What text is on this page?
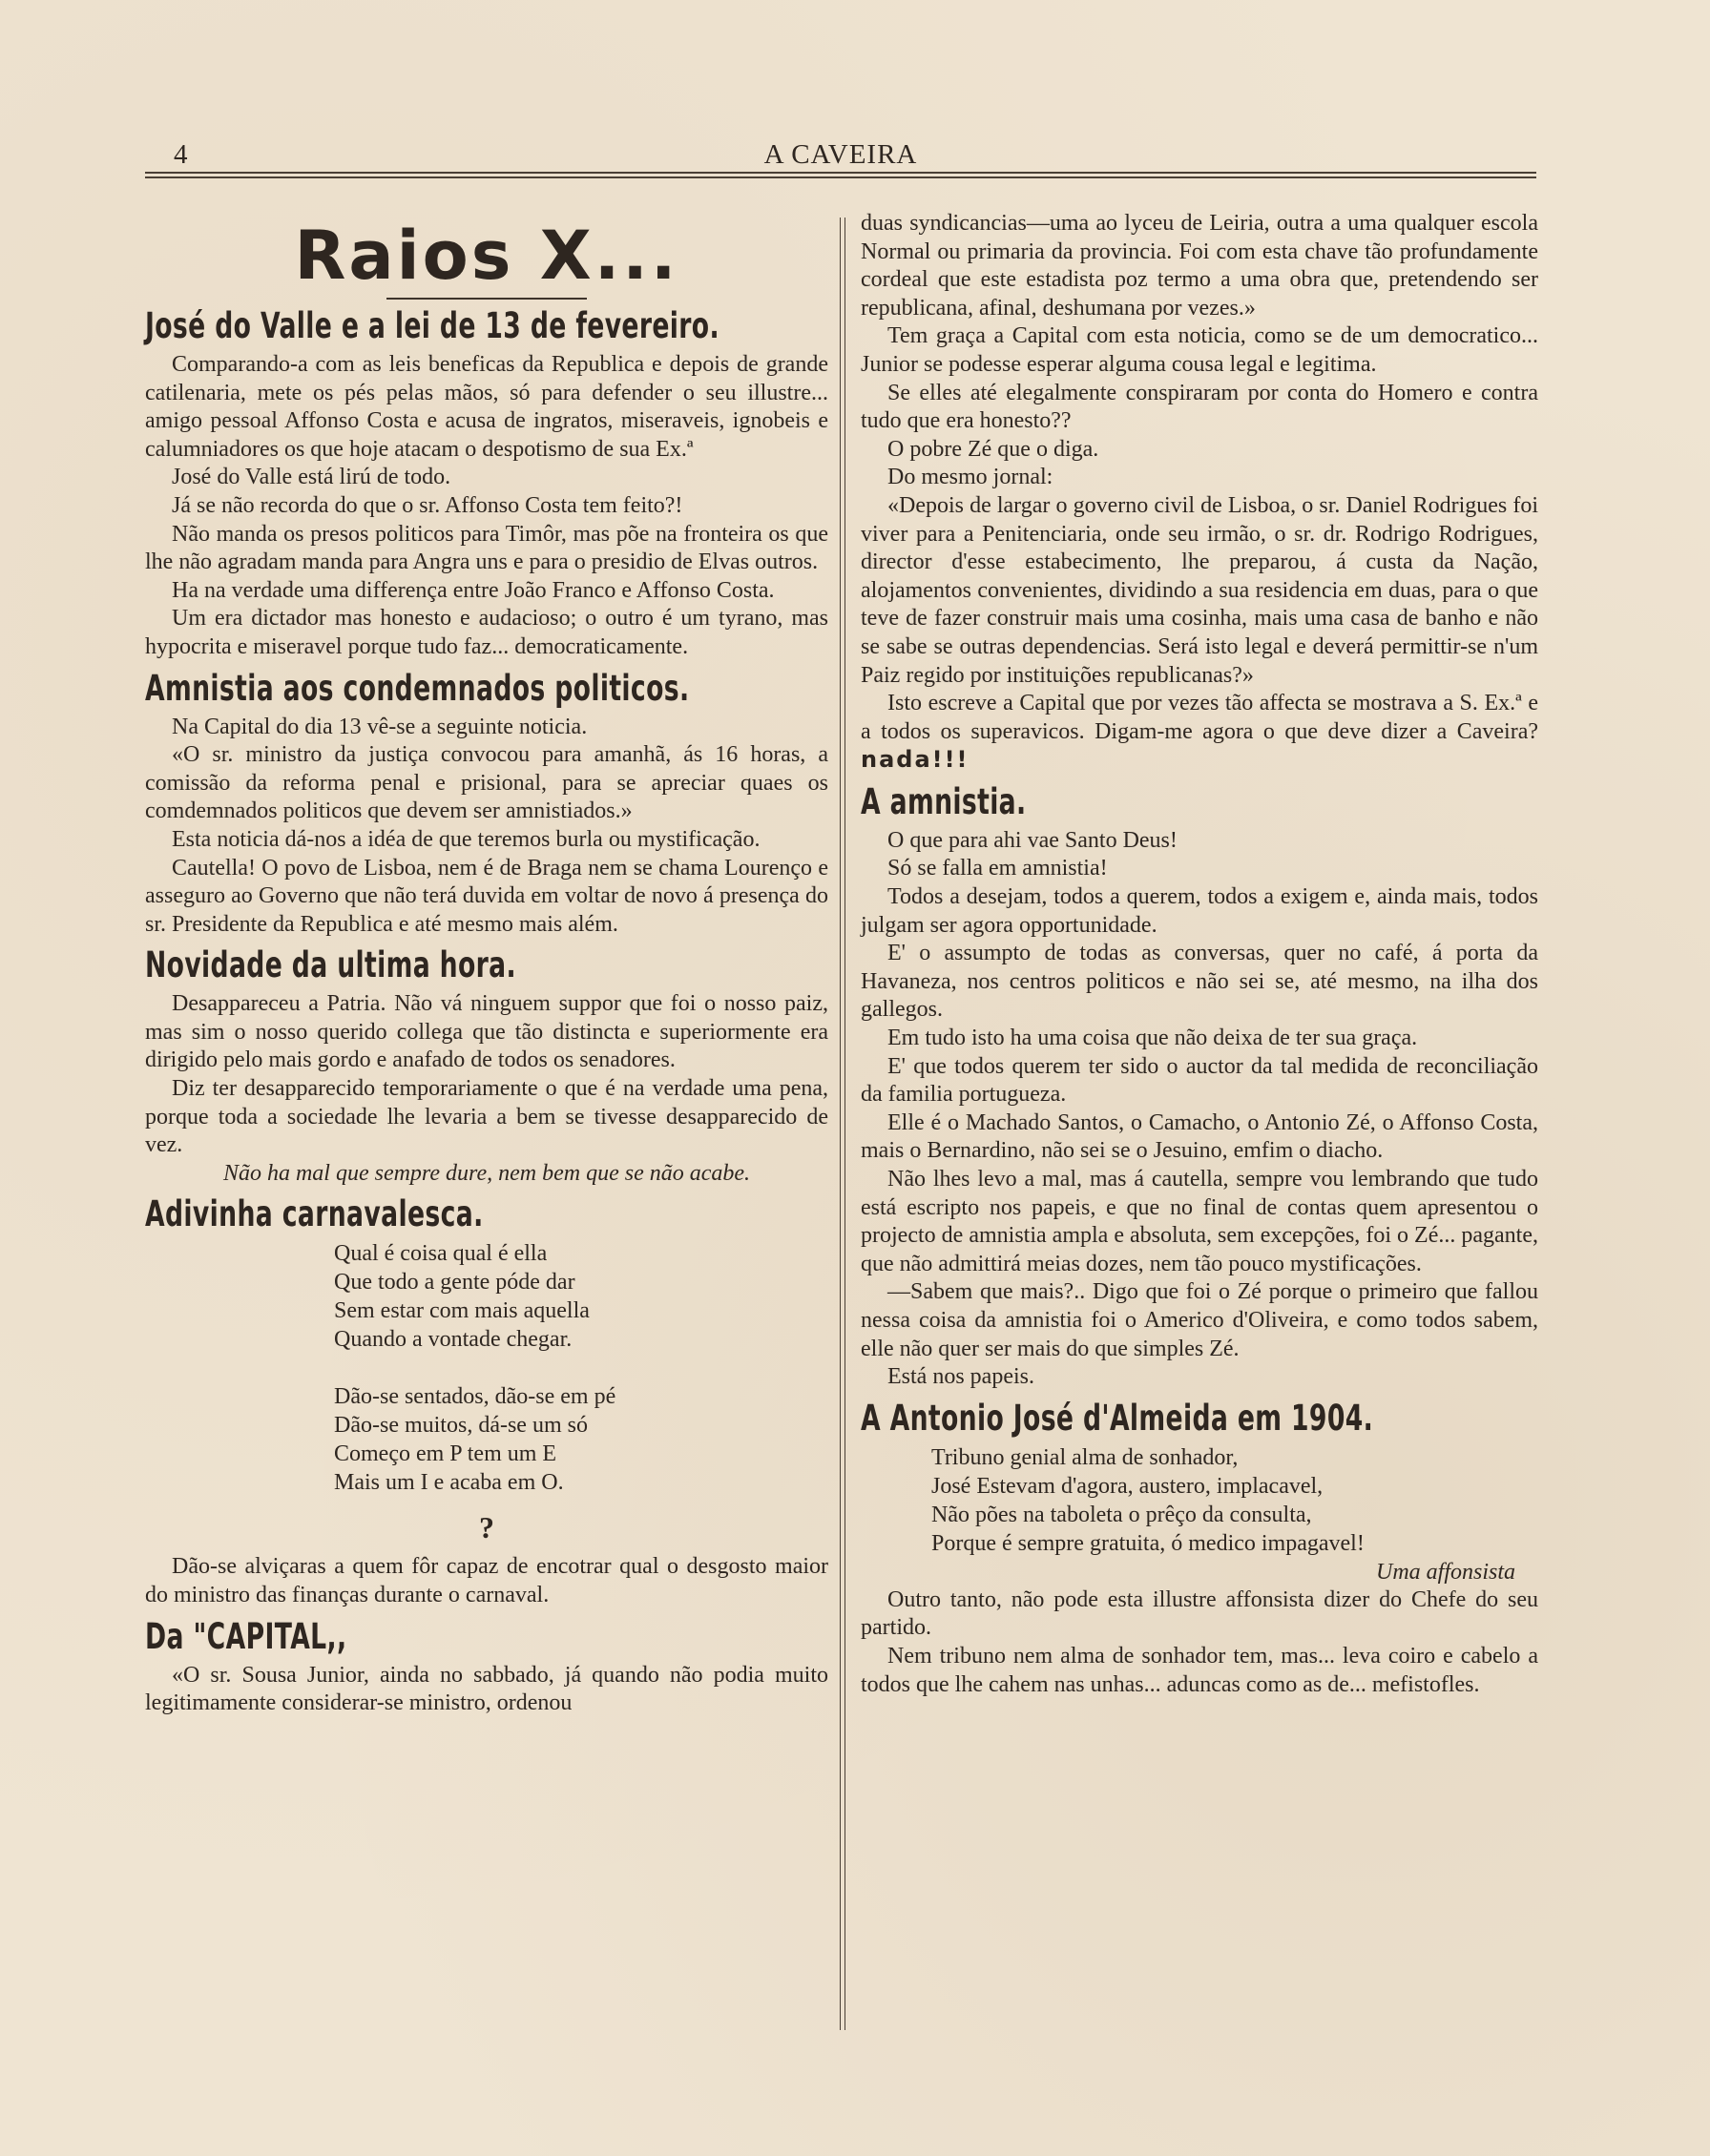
4	A CAVEIRA
Raios X...
José do Valle e a lei de 13 de fevereiro.

Comparando-a com as leis beneficas da Republica e depois de grande catilenaria, mete os pés pelas mãos, só para defender o seu illustre... amigo pessoal Affonso Costa e acusa de ingratos, miseraveis, ignobeis e calumniadores os que hoje atacam o despotismo de sua Ex.ª

José do Valle está lirú de todo.

Já se não recorda do que o sr. Affonso Costa tem feito?!

Não manda os presos politicos para Timôr, mas põe na fronteira os que lhe não agradam manda para Angra uns e para o presidio de Elvas outros.

Ha na verdade uma differença entre João Franco e Affonso Costa.

Um era dictador mas honesto e audacioso; o outro é um tyrano, mas hypocrita e miseravel porque tudo faz... democraticamente.

Amnistia aos condemnados politicos.

Na Capital do dia 13 vê-se a seguinte noticia.

«O sr. ministro da justiça convocou para amanhã, ás 16 horas, a comissão da reforma penal e prisional, para se apreciar quaes os comdemnados politicos que devem ser amnistiados.»

Esta noticia dá-nos a idéa de que teremos burla ou mystificação.

Cautella! O povo de Lisboa, nem é de Braga nem se chama Lourenço e asseguro ao Governo que não terá duvida em voltar de novo á presença do sr. Presidente da Republica e até mesmo mais além.

Novidade da ultima hora.

Desappareceu a Patria. Não vá ninguem suppor que foi o nosso paiz, mas sim o nosso querido collega que tão distincta e superiormente era dirigido pelo mais gordo e anafado de todos os senadores.

Diz ter desapparecido temporariamente o que é na verdade uma pena, porque toda a sociedade lhe levaria a bem se tivesse desapparecido de vez.

Não ha mal que sempre dure, nem bem que se não acabe.

Adivinha carnavalesca.
Qual é coisa qual é ella
Que todo a gente póde dar
Sem estar com mais aquella
Quando a vontade chegar.
Dão-se sentados, dão-se em pé
Dão-se muitos, dá-se um só
Começo em P tem um E
Mais um I e acaba em O.
?

Dão-se alviçaras a quem fôr capaz de encotrar qual o desgosto maior do ministro das finanças durante o carnaval.

Da "CAPITAL,,

«O sr. Sousa Junior, ainda no sabbado, já quando não podia muito legitimamente considerar-se ministro, ordenou

duas syndicancias—uma ao lyceu de Leiria, outra a uma qualquer escola Normal ou primaria da provincia. Foi com esta chave tão profundamente cordeal que este estadista poz termo a uma obra que, pretendendo ser republicana, afinal, deshumana por vezes.»

Tem graça a Capital com esta noticia, como se de um democratico... Junior se podesse esperar alguma cousa legal e legitima.

Se elles até elegalmente conspiraram por conta do Homero e contra tudo que era honesto??

O pobre Zé que o diga.

Do mesmo jornal:

«Depois de largar o governo civil de Lisboa, o sr. Daniel Rodrigues foi viver para a Penitenciaria, onde seu irmão, o sr. dr. Rodrigo Rodrigues, director d'esse estabecimento, lhe preparou, á custa da Nação, alojamentos convenientes, dividindo a sua residencia em duas, para o que teve de fazer construir mais uma cosinha, mais uma casa de banho e não se sabe se outras dependencias. Será isto legal e deverá permittir-se n'um Paiz regido por instituições republicanas?»

Isto escreve a Capital que por vezes tão affecta se mostrava a S. Ex.ª e a todos os superavicos. Digam-me agora o que deve dizer a Caveira? nada!!!

A amnistia.

O que para ahi vae Santo Deus!

Só se falla em amnistia!

Todos a desejam, todos a querem, todos a exigem e, ainda mais, todos julgam ser agora opportunidade.

E' o assumpto de todas as conversas, quer no café, á porta da Havaneza, nos centros politicos e não sei se, até mesmo, na ilha dos gallegos.

Em tudo isto ha uma coisa que não deixa de ter sua graça.

E' que todos querem ter sido o auctor da tal medida de reconciliação da familia portugueza.

Elle é o Machado Santos, o Camacho, o Antonio Zé, o Affonso Costa, mais o Bernardino, não sei se o Jesuino, emfim o diacho.

Não lhes levo a mal, mas á cautella, sempre vou lembrando que tudo está escripto nos papeis, e que no final de contas quem apresentou o projecto de amnistia ampla e absoluta, sem excepções, foi o Zé... pagante, que não admittirá meias dozes, nem tão pouco mystificações.

—Sabem que mais?.. Digo que foi o Zé porque o primeiro que fallou nessa coisa da amnistia foi o Americo d'Oliveira, e como todos sabem, elle não quer ser mais do que simples Zé.

Está nos papeis.

A Antonio José d'Almeida em 1904.
Tribuno genial alma de sonhador,
José Estevam d'agora, austero, implacavel,
Não pões na taboleta o prêço da consulta,
Porque é sempre gratuita, ó medico impagavel!
Uma affonsista

Outro tanto, não pode esta illustre affonsista dizer do Chefe do seu partido.

Nem tribuno nem alma de sonhador tem, mas... leva coiro e cabelo a todos que lhe cahem nas unhas... aduncas como as de... mefistofles.
